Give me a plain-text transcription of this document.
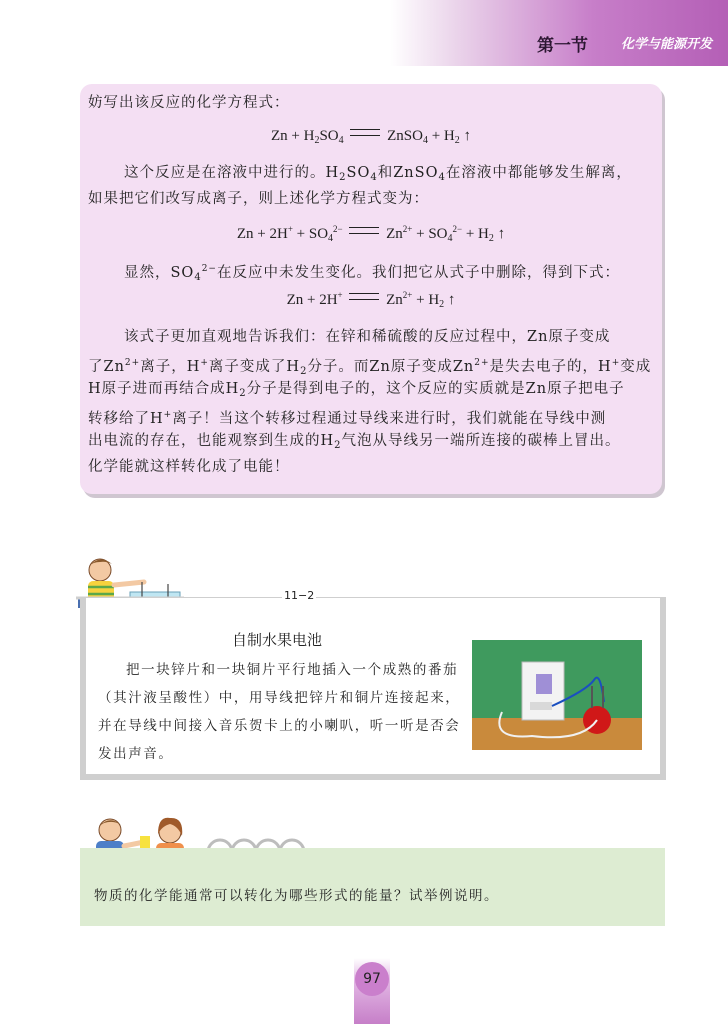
第一节	化学与能源开发
妨写出该反应的化学方程式：
$Zn + H_2SO_4$	ZnSO$_4$ + $H_2$ ↑
这个反应是在溶液中进行的。$H_2SO_4$和ZnSO$_4$在溶液中都能够发生解离，
如果把它们改写成离子，则上述化学方程式变为：
$Zn + 2H^+ + SO_4^{2-}$	$Zn^{2+} + SO_4^{2-} + H_2$ ↑
显然，$SO_4^{2-}$在反应中未发生变化。我们把它从式子中删除，得到下式：
Zn + 2H+	$Zn^{2+} + H_2$ ↑
该式子更加直观地告诉我们：在锌和稀硫酸的反应过程中，Zn原子变成
了$Zn^{2+}$离子，H+离子变成了$H_2$分子。而Zn原子变成$Zn^{2+}$是失去电子的，H+变成
H原子进而再结合成$H_2$分子是得到电子的，这个反应的实质就是Zn原子把电子
转移给了H+离子！当这个转移过程通过导线来进行时，我们就能在导线中测
出电流的存在，也能观察到生成的$H_2$气泡从导线另一端所连接的碳棒上冒出。
化学能就这样转化成了电能！
11−2
自制水果电池
把一块锌片和一块铜片平行地插入一个成熟的番茄（其汁液呈酸性）中，用导线把锌片和铜片连接起来，并在导线中间接入音乐贺卡上的小喇叭，听一听是否会发出声音。
物质的化学能通常可以转化为哪些形式的能量？试举例说明。
97
